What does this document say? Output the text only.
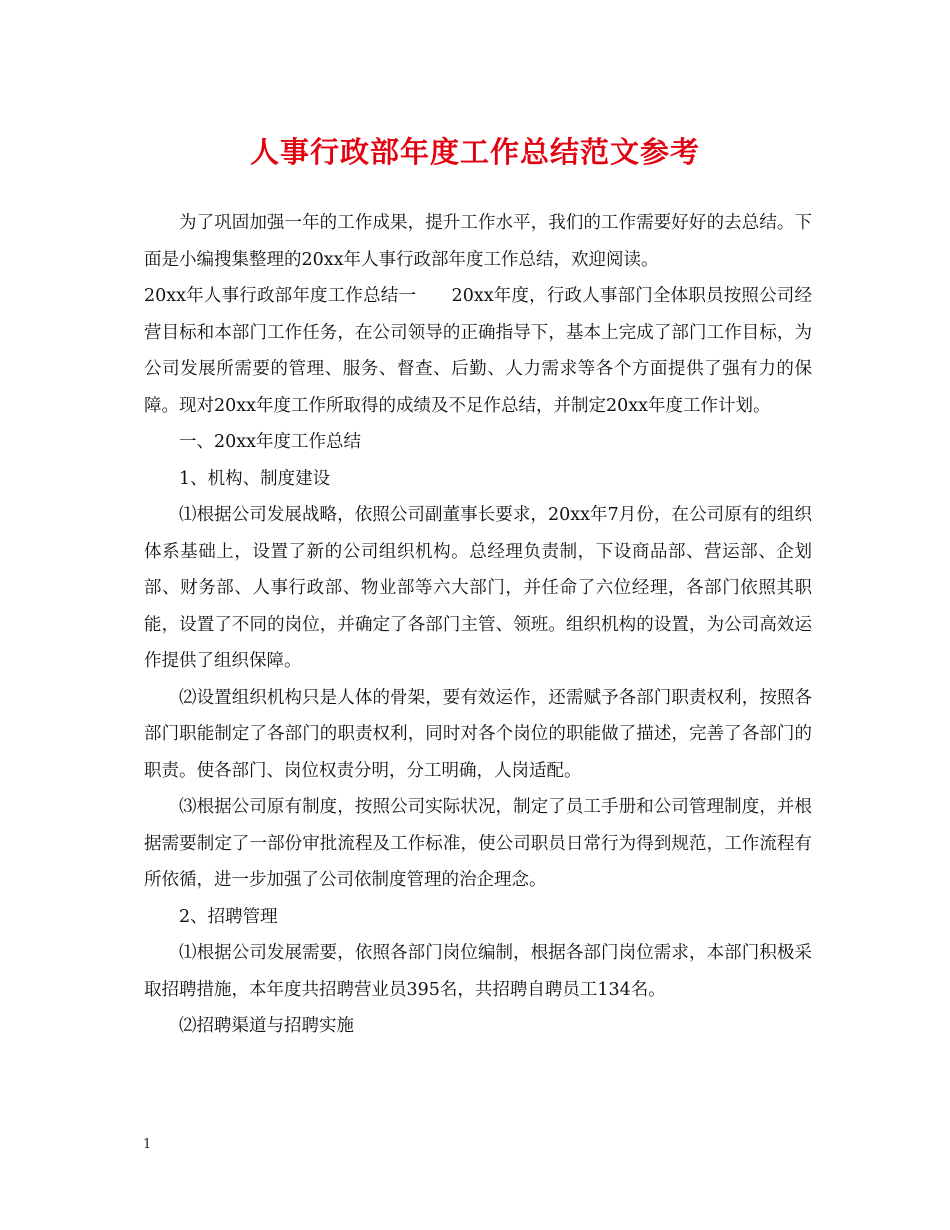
人事行政部年度工作总结范文参考

为了巩固加强一年的工作成果，提升工作水平，我们的工作需要好好的去总结。下面是小编搜集整理的20xx年人事行政部年度工作总结，欢迎阅读。

20xx年人事行政部年度工作总结一　　20xx年度，行政人事部门全体职员按照公司经营目标和本部门工作任务，在公司领导的正确指导下，基本上完成了部门工作目标，为公司发展所需要的管理、服务、督查、后勤、人力需求等各个方面提供了强有力的保障。现对20xx年度工作所取得的成绩及不足作总结，并制定20xx年度工作计划。

一、20xx年度工作总结

1、机构、制度建设

⑴根据公司发展战略，依照公司副董事长要求，20xx年7月份，在公司原有的组织体系基础上，设置了新的公司组织机构。总经理负责制，下设商品部、营运部、企划部、财务部、人事行政部、物业部等六大部门，并任命了六位经理，各部门依照其职能，设置了不同的岗位，并确定了各部门主管、领班。组织机构的设置，为公司高效运作提供了组织保障。

⑵设置组织机构只是人体的骨架，要有效运作，还需赋予各部门职责权利，按照各部门职能制定了各部门的职责权利，同时对各个岗位的职能做了描述，完善了各部门的职责。使各部门、岗位权责分明，分工明确，人岗适配。

⑶根据公司原有制度，按照公司实际状况，制定了员工手册和公司管理制度，并根据需要制定了一部份审批流程及工作标准，使公司职员日常行为得到规范，工作流程有所依循，进一步加强了公司依制度管理的治企理念。

2、招聘管理

⑴根据公司发展需要，依照各部门岗位编制，根据各部门岗位需求，本部门积极采取招聘措施，本年度共招聘营业员395名，共招聘自聘员工134名。

⑵招聘渠道与招聘实施

1
